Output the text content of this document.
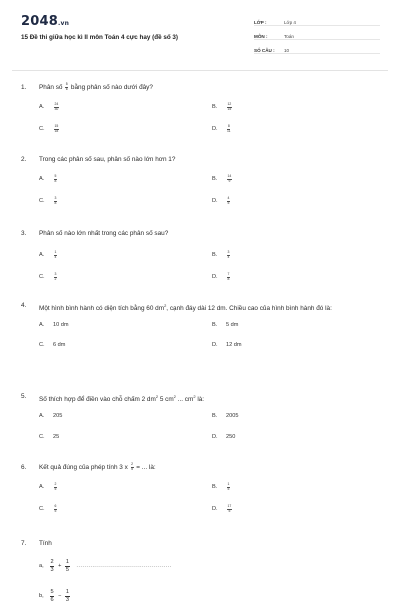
2048.vn
15 Đề thi giữa học kì II môn Toán 4 cực hay (đề số 3)
LỚP :	Lớp 4
MÔN :	Toán
SỐ CÂU :	10
1.	Phân số
$\frac{5}{6}$
bằng phân số nào dưới đây?
A.	$\frac{24}{30}$	B.	$\frac{12}{15}$
C.	$\frac{15}{18}$	D.	$\frac{8}{11}$
2.	Trong các phân số sau, phân số nào lớn hơn 1?
A.	$\frac{5}{8}$	B.	$\frac{14}{9}$
C.	$\frac{3}{8}$	D.	$\frac{4}{5}$
3.	Phân số nào lớn nhất trong các phân số sau?
A.	$\frac{1}{4}$	B.	$\frac{3}{4}$
C.	$\frac{3}{2}$	D.	$\frac{7}{8}$
4.	Một hình bình hành có diện tích bằng 60 $dm^2$, cạnh đáy dài 12 dm. Chiều cao của hình bình hành đó là:
A.	10 dm	B.	5 dm
C.	6 dm	D.	12 dm
5.	Số thích hợp để điền vào chỗ chấm 2 $dm^2$ 5 $cm^2$ ... $cm^2$ là:
A.	205	B.	2005
C.	25	D.	250
6.	Kết quả đúng của phép tính 3 x
$\frac{2}{5}$
= ... là:
A.	$\frac{2}{5}$	B.	$\frac{1}{5}$
C.	$\frac{6}{5}$	D.	$\frac{17}{5}$
7.	Tính
a,	$\frac{2}{3} + \frac{1}{5}$ ................................................
b,	$\frac{5}{6} - \frac{1}{3}$
